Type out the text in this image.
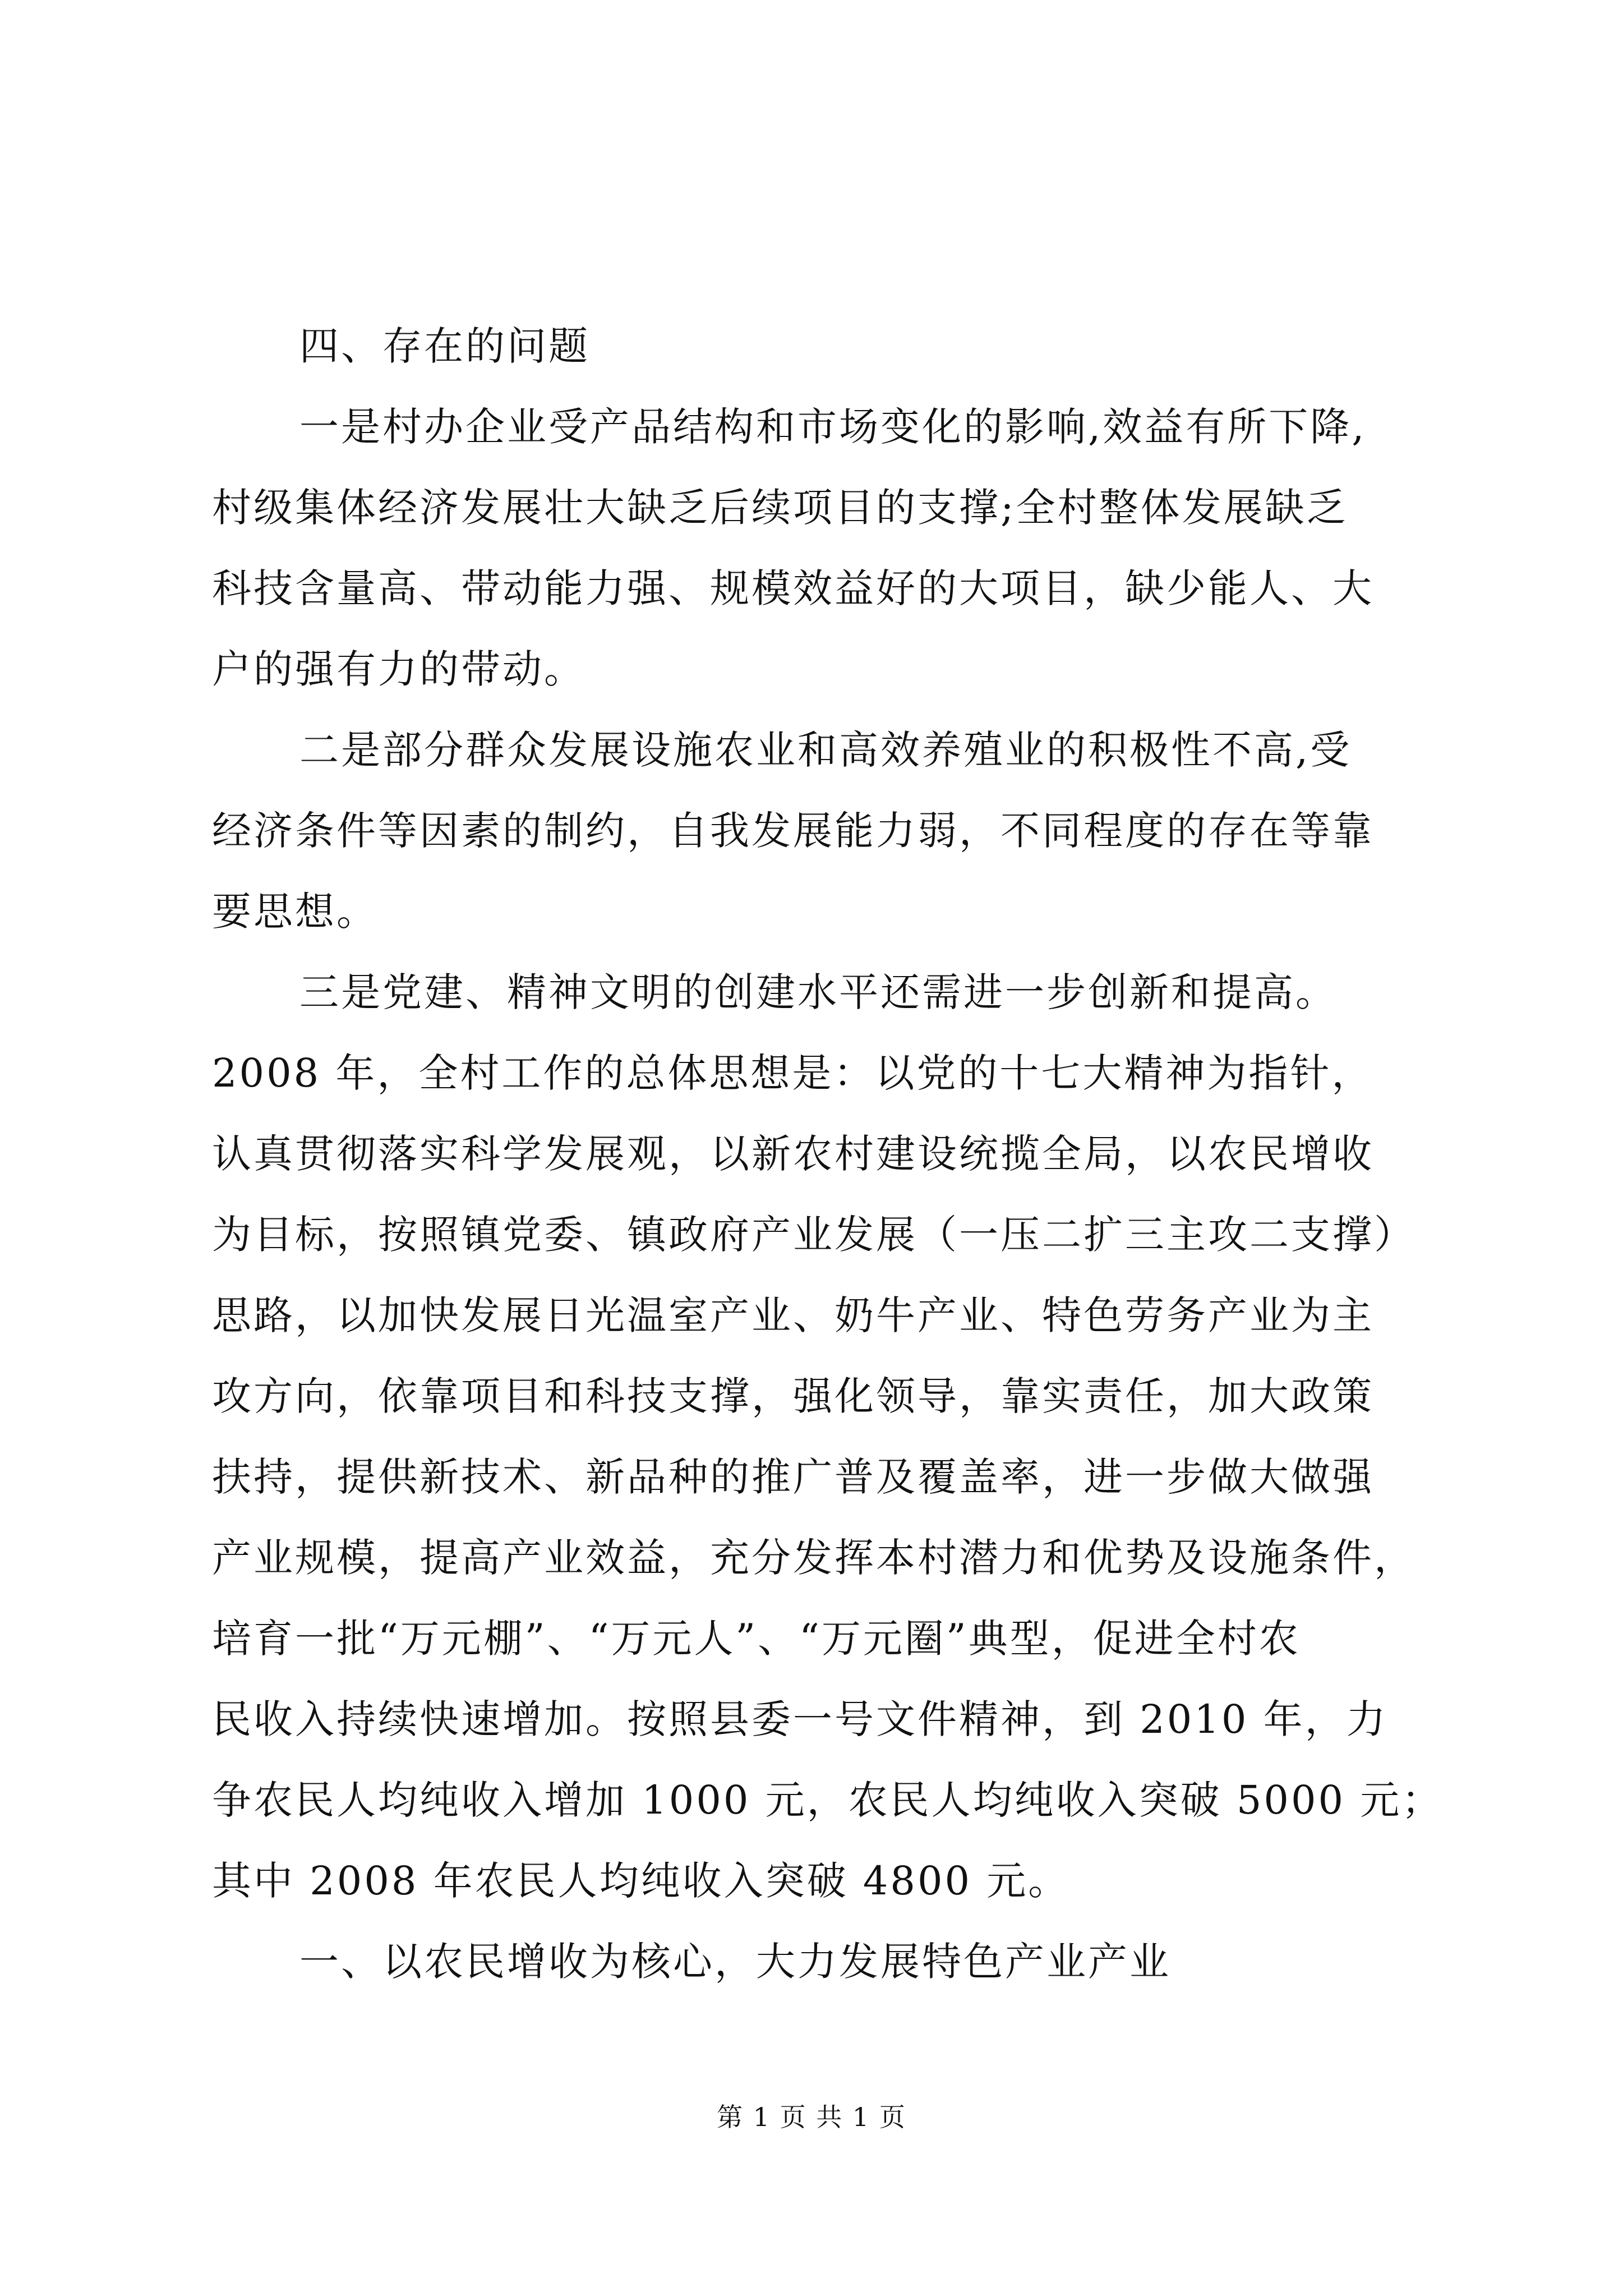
四、存在的问题

一是村办企业受产品结构和市场变化的影响,效益有所下降,

村级集体经济发展壮大缺乏后续项目的支撑;全村整体发展缺乏

科技含量高、带动能力强、规模效益好的大项目，缺少能人、大

户的强有力的带动。

二是部分群众发展设施农业和高效养殖业的积极性不高,受

经济条件等因素的制约，自我发展能力弱，不同程度的存在等靠

要思想。

三是党建、精神文明的创建水平还需进一步创新和提高。

2008 年，全村工作的总体思想是：以党的十七大精神为指针，

认真贯彻落实科学发展观，以新农村建设统揽全局，以农民增收

为目标，按照镇党委、镇政府产业发展（一压二扩三主攻二支撑）

思路，以加快发展日光温室产业、奶牛产业、特色劳务产业为主

攻方向，依靠项目和科技支撑，强化领导，靠实责任，加大政策

扶持，提供新技术、新品种的推广普及覆盖率，进一步做大做强

产业规模，提高产业效益，充分发挥本村潜力和优势及设施条件，

培育一批“万元棚”、“万元人”、“万元圈”典型，促进全村农

民收入持续快速增加。按照县委一号文件精神，到 2010 年，力

争农民人均纯收入增加 1000 元，农民人均纯收入突破 5000 元；

其中 2008 年农民人均纯收入突破 4800 元。

一、以农民增收为核心，大力发展特色产业产业

第 1 页 共 1 页
